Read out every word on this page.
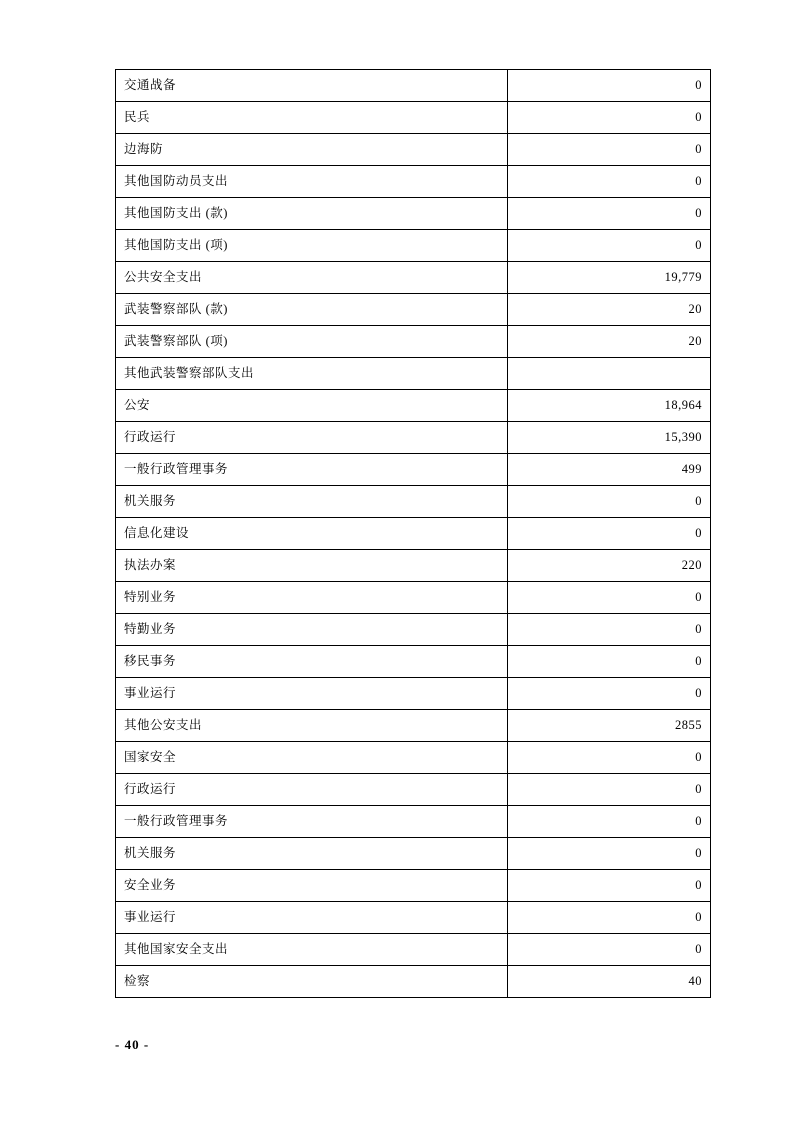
交通战备	0
民兵	0
边海防	0
其他国防动员支出	0
其他国防支出 (款)	0
其他国防支出 (项)	0
公共安全支出	19,779
武装警察部队 (款)	20
武装警察部队 (项)	20
其他武装警察部队支出	
公安	18,964
行政运行	15,390
一般行政管理事务	499
机关服务	0
信息化建设	0
执法办案	220
特别业务	0
特勤业务	0
移民事务	0
事业运行	0
其他公安支出	2855
国家安全	0
行政运行	0
一般行政管理事务	0
机关服务	0
安全业务	0
事业运行	0
其他国家安全支出	0
检察	40
- 40 -
